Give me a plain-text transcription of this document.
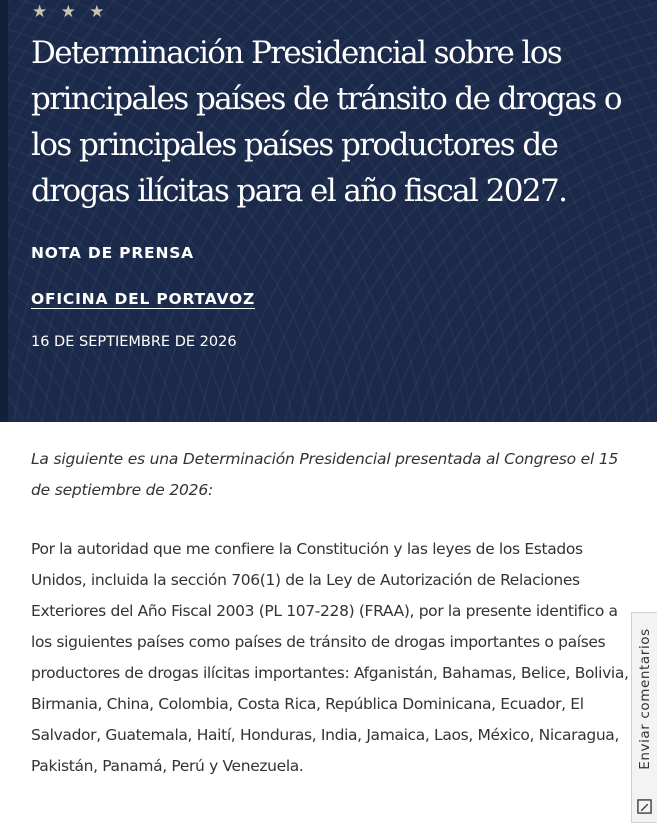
★ ★ ★
Determinación Presidencial sobre los principales países de tránsito de drogas o los principales países productores de drogas ilícitas para el año fiscal 2027.
NOTA DE PRENSA
OFICINA DEL PORTAVOZ
16 DE SEPTIEMBRE DE 2026

La siguiente es una Determinación Presidencial presentada al Congreso el 15 de septiembre de 2026:

Por la autoridad que me confiere la Constitución y las leyes de los Estados Unidos, incluida la sección 706(1) de la Ley de Autorización de Relaciones Exteriores del Año Fiscal 2003 (PL 107-228) (FRAA), por la presente identifico a los siguientes países como países de tránsito de drogas importantes o países productores de drogas ilícitas importantes: Afganistán, Bahamas, Belice, Bolivia, Birmania, China, Colombia, Costa Rica, República Dominicana, Ecuador, El Salvador, Guatemala, Haití, Honduras, India, Jamaica, Laos, México, Nicaragua, Pakistán, Panamá, Perú y Venezuela.	Enviar comentarios
